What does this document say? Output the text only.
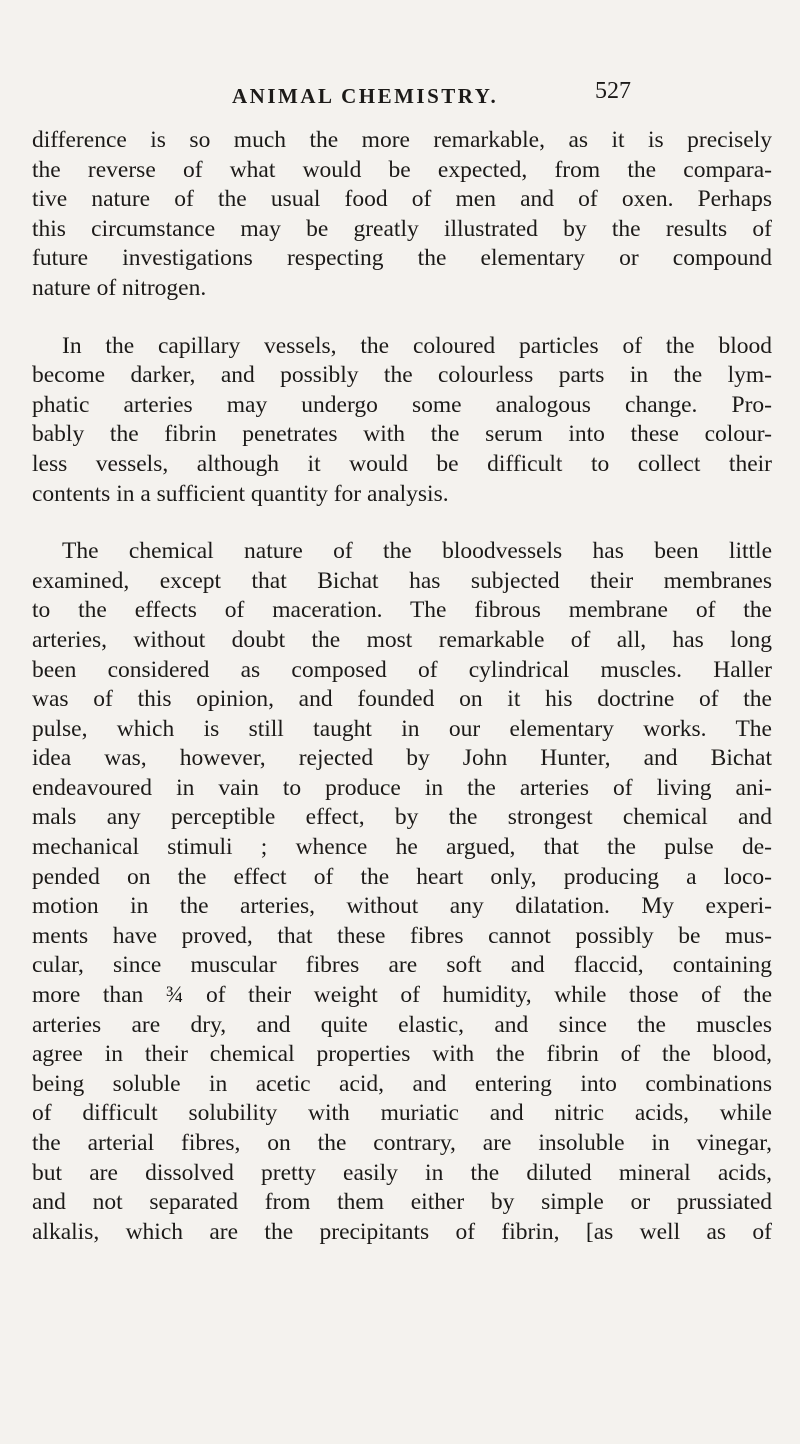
ANIMAL CHEMISTRY.	527
difference is so much the more remarkable, as it is precisely
the reverse of what would be expected, from the compara-
tive nature of the usual food of men and of oxen. Perhaps
this circumstance may be greatly illustrated by the results of
future investigations respecting the elementary or compound
nature of nitrogen.
In the capillary vessels, the coloured particles of the blood
become darker, and possibly the colourless parts in the lym-
phatic arteries may undergo some analogous change. Pro-
bably the fibrin penetrates with the serum into these colour-
less vessels, although it would be difficult to collect their
contents in a sufficient quantity for analysis.
The chemical nature of the bloodvessels has been little
examined, except that Bichat has subjected their membranes
to the effects of maceration. The fibrous membrane of the
arteries, without doubt the most remarkable of all, has long
been considered as composed of cylindrical muscles. Haller
was of this opinion, and founded on it his doctrine of the
pulse, which is still taught in our elementary works. The
idea was, however, rejected by John Hunter, and Bichat
endeavoured in vain to produce in the arteries of living ani-
mals any perceptible effect, by the strongest chemical and
mechanical stimuli ; whence he argued, that the pulse de-
pended on the effect of the heart only, producing a loco-
motion in the arteries, without any dilatation. My experi-
ments have proved, that these fibres cannot possibly be mus-
cular, since muscular fibres are soft and flaccid, containing
more than ¾ of their weight of humidity, while those of the
arteries are dry, and quite elastic, and since the muscles
agree in their chemical properties with the fibrin of the blood,
being soluble in acetic acid, and entering into combinations
of difficult solubility with muriatic and nitric acids, while
the arterial fibres, on the contrary, are insoluble in vinegar,
but are dissolved pretty easily in the diluted mineral acids,
and not separated from them either by simple or prussiated
alkalis, which are the precipitants of fibrin, [as well as of
